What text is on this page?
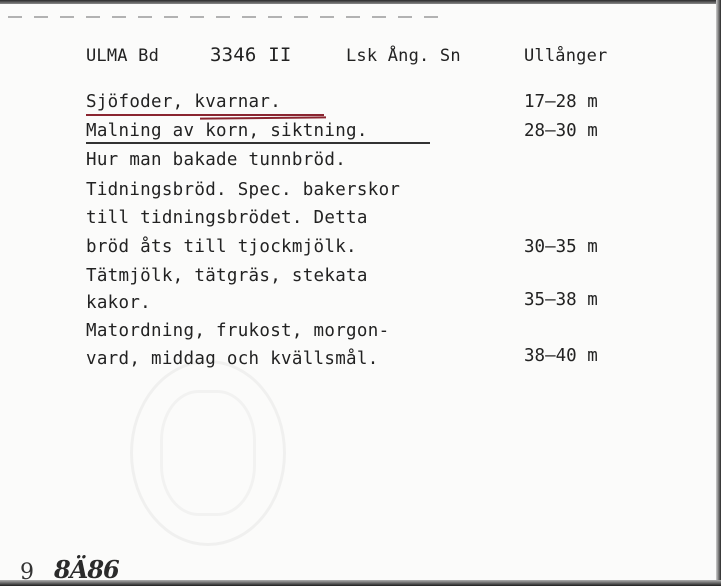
ULMA Bd	3346 II	Lsk Ång. Sn	Ullånger
Sjöfoder, kvarnar.	17–28 m
Malning av korn, siktning.	28–30 m
Hur man bakade tunnbröd.
Tidningsbröd. Spec. bakerskor
till tidningsbrödet. Detta
bröd åts till tjockmjölk.	30–35 m
Tätmjölk, tätgräs, stekata
kakor.	35–38 m
Matordning, frukost, morgon-
vard, middag och kvällsmål.	38–40 m
9 8Ä86
